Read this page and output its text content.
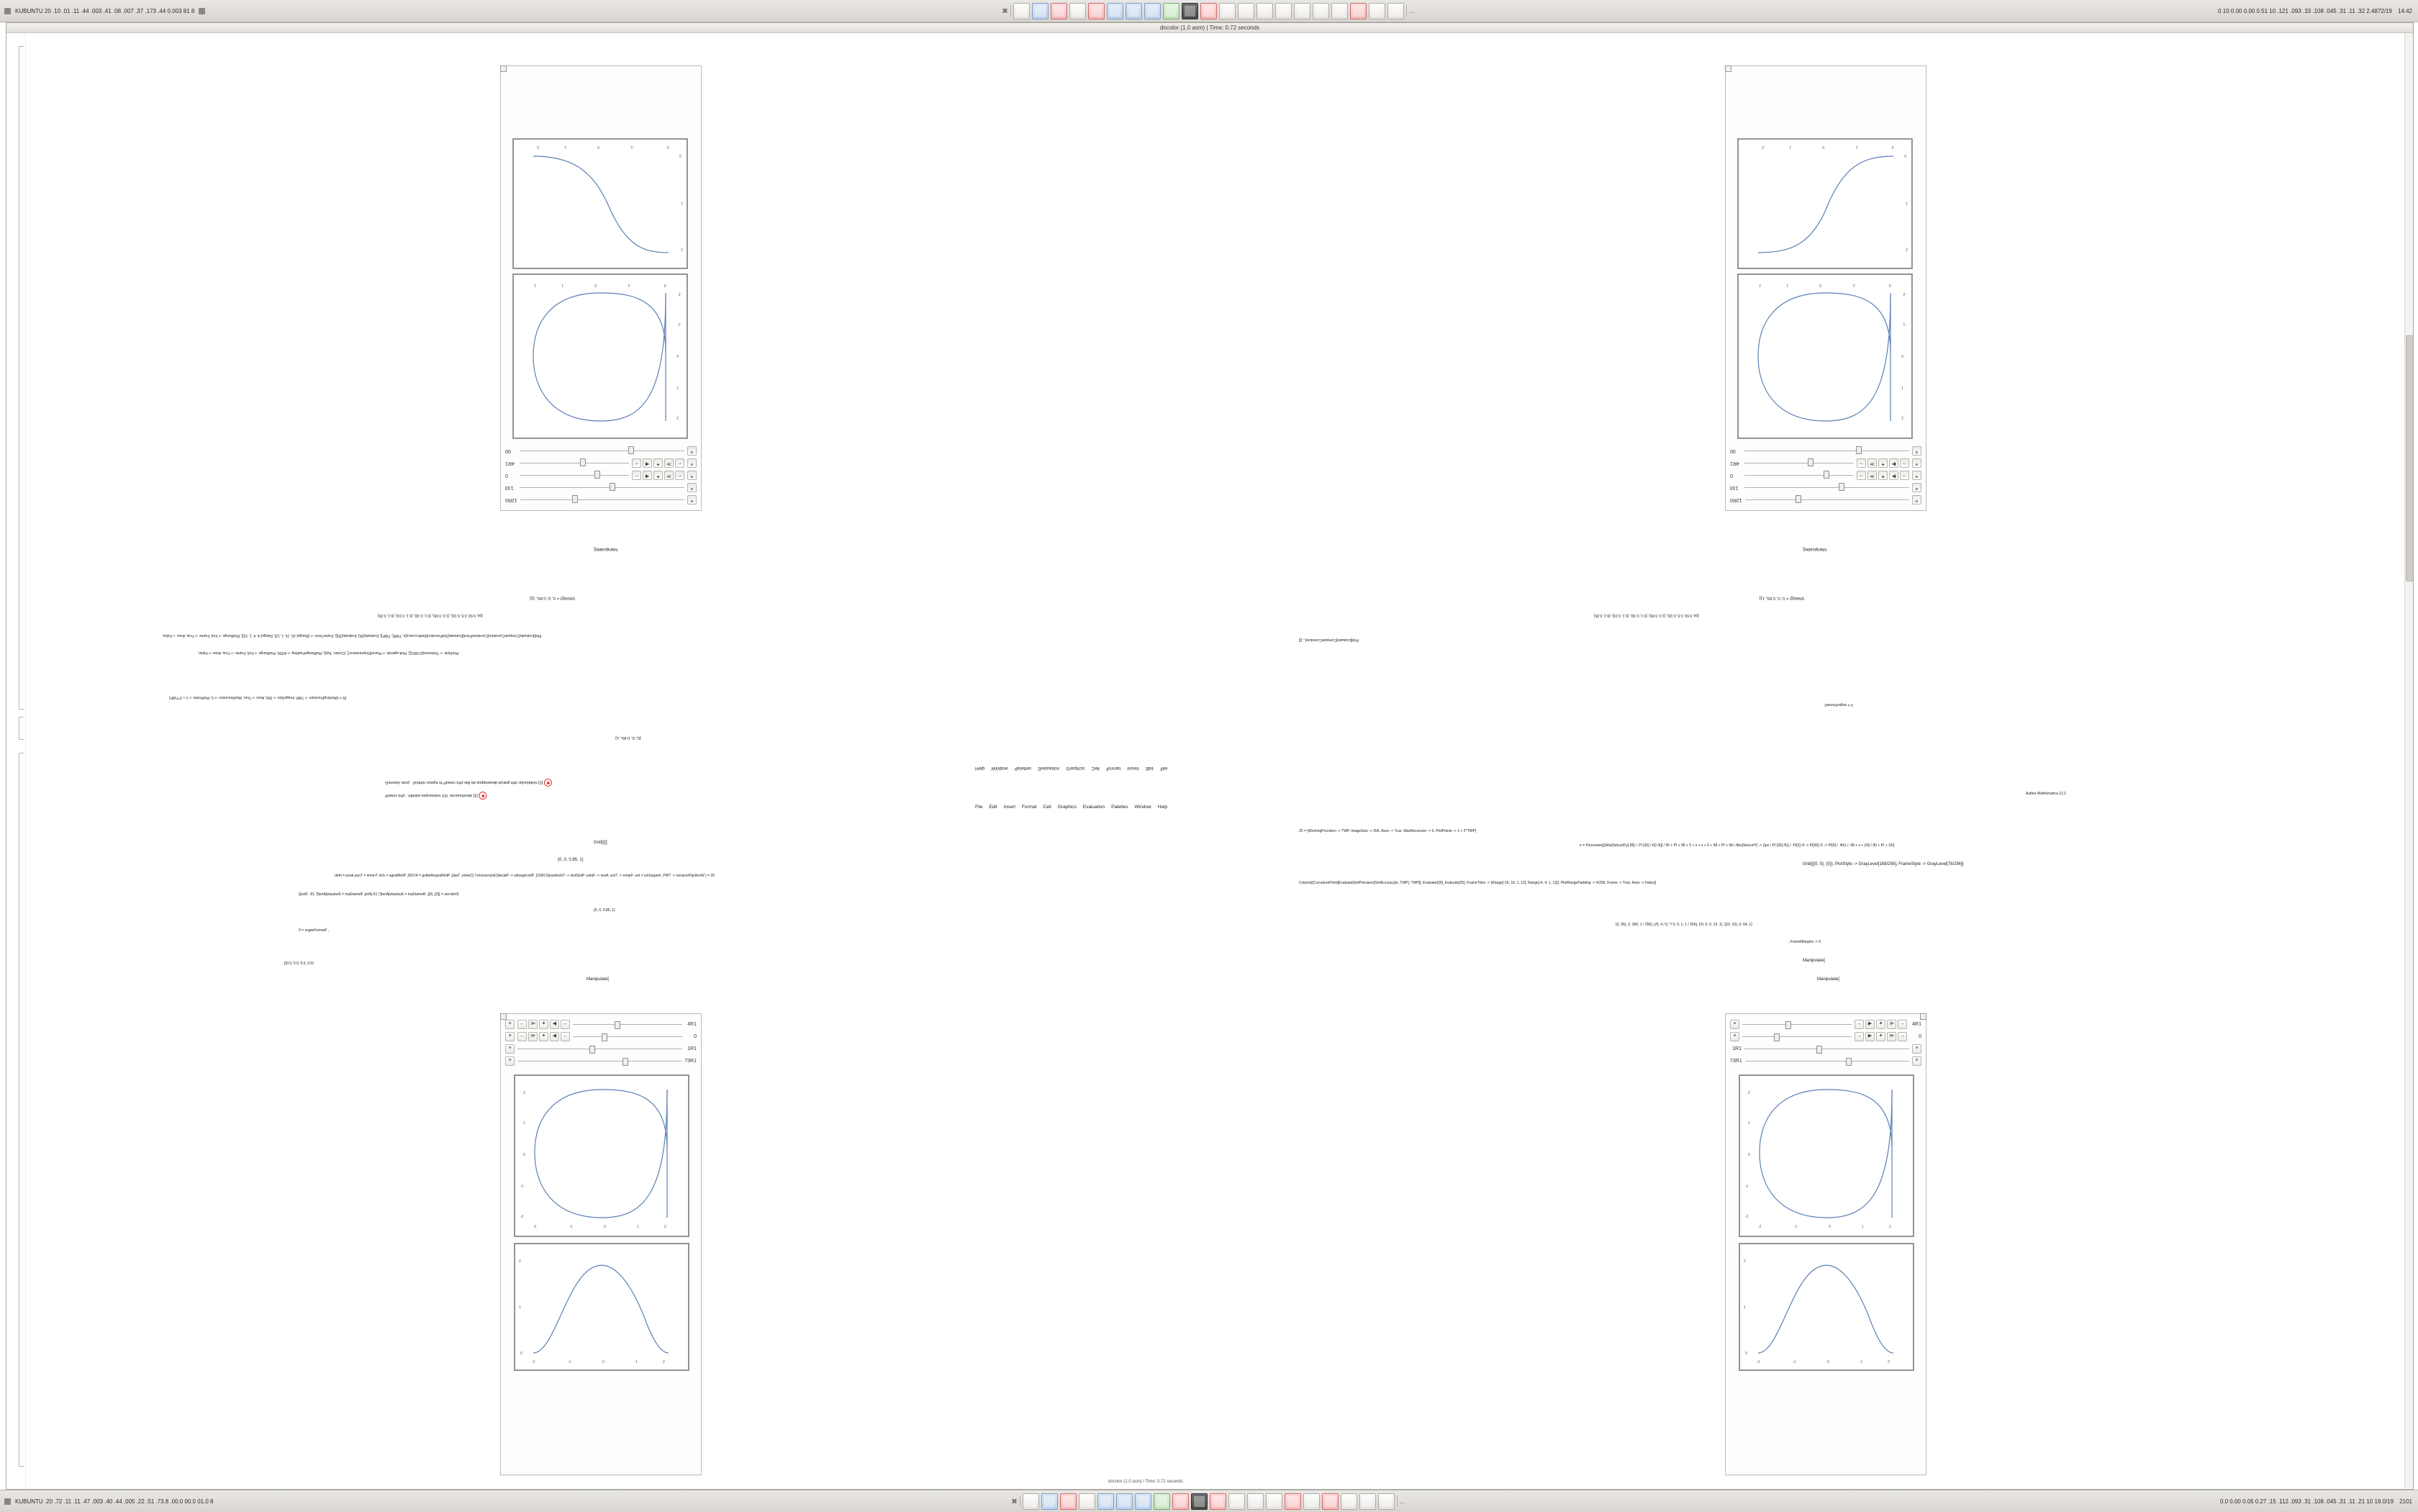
KUBUNTU 20 .10 .01 .11 .44 .003 .41 .08 .007 .37 .173 .44 0.003 81 8	⌘	…	0 10 0.00 0.00 0.51 10 .121 .093 .33 .108 .045 .31 .11 .32 2.4872/19 14:42
dncolor (1.0 asm) | Time: 0.72 seconds
≡
12R0
≡
133
≡
←
≫
✦
◀
←
0
≡
←
≫
✦
◀
←
4R1
≡
00
-2
-1
0
1
2
-2
-1
0
1
2
-2
-1
0
1
2
0
1
2
≡
12R0
≡
133
≡
→
▶
✦
≫
→
0
≡
→
▶
✦
≫
→
4R1
≡
00
-2
-1
0
1
2
-2
-1
0
1
2
-2
-1
0
1
2
0
1
2
≡	←	≫	✦	◀	←	4R1
≡	←	≫	✦	◀	←	0
≡	1R1
≡	73R1
-2	-1	0	1	2
-2
-1
0
1
2
-2	-1	0	1	2
0
1
2
≡	→	▶	✦	≫	→	4R1
≡	→	▶	✦	≫	→	0
1R1	≡
73R1	≡
-2	-1	0	1	2
-2
-1
0
1
2
-2	-1	0	1	2
0
1
2
Manipulate[{
Show[{t = 0, 0, 0.85, 1}],
{ps, 0.50, 0.5, 0.16}, {1.0, 0.95}, {0.1, 0.16}, {0.1, 0.16}, {0.1, 0.25}
Plot[Evaluate[ComputeCurvature[CurvaturePoint[Evaluate[SetPrecision[SetAccuracy[e, TWP], TWP]], Evaluate[30], Evaluate[25]], FrameTicks -> {Range[-16, 16, 1, 12], Range[-4, 4, 1, 12]}, PlotRange -> Full, Frame -> True, Axes -> False,
PlotStyle -> Thickness[0.0001]], PlotLegends -> Placed['Expressions'], {Center, Top}], PlotRangePadding -> 4/256, PlotRange -> Full, Frame -> True, Axes -> False,
25 = {WorkingPrecision -> TWP, ImageSize -> 256, Axes -> True, MaxRecursion -> 0, PlotPoints -> 1 + 2^TWP}
{0, 0, 0.85, 1}
Manipulate[{
Show[{t = 0, 0, 0.85, 1}]
{ps, 0.50, 0.5, 0.16}, {1.0, 0.95}, {0.1, 0.16}, {0.1, 0.16}, {0.1, 0.25}
Plot[Evaluate[ComputeCurvature[...]]]
0 = sngierFemarF
eliF
tidE
tresnI
tamroF
lleC
scihparG
noitaulavE
settelaP
wodniW
qleH
[1] noitaluclac siht gnirud desserppus eb lliw yfni::rewoP fo tuptuo rehtruF : pots::lareneG
[1] deretnuocne .0/1 noisserpxe etinifnI : yfni::rewoP	Auther Mathematica 12.2
File Edit Insert Format Cell Graphics Evaluation Palettes Window Help
Grid[{{{
{0, 0, 0.85, 1}
defn = peak.aunT = smenT /oiS = agnaRtolP ,00214 = gnitteRegnaRtolP ,[laaT ,retneC] /'snoisserpxE'[decalP -> sdnegeLtolP ,[1000.0]ssenkcihT -> elytStolP ,eslaF -> sexA ,eurT -> emarF ,esl = eziSegamI ,PWT -> noisicerPgnikroW } = 25
{[esl0 : 81.7]tenA[etaulavE = myEtameR ,[etA]-61.7]tenA[etaulavE = myEtameR ,{[0] ,[0]} = zercibniS
{0, 0, 0.85, 1}
0 = sngierFemarF ,
[{0.0, 0.0, 0.0, 0.0}
Manipulate[
25 = {WorkingPrecision -> TWP, ImageSize -> 256, Axes -> True, MaxRecursion -> 0, PlotPoints -> 1 + 2^TWP}
e = Piecewise[{{Abs[SetcurlFy[.98] /. PI [30] / 6}} /6]] / 95 + PI + 98 + 5 + x + x + 6 + 98 + PI + 98 /.Abs[SetcurlY] -> {{px / PI [30] /6}} /. PI[3] /4 -> PI[30] /1 -> PI[0] /. 4R1 /. 98 + x + {/0} /.90 + PI + 1/0}
Grid[{{0, 0}, {0}}, PlotStyle -> GrayLevel[168/256], FrameStyle -> GrayLevel[78/256]}
Column[{CurvaturePoint[Evaluate[SetPrecision[SetAccuracy[e, TWP], TWP]], Evaluate[30], Evaluate[25], FrameTicks -> {Range[-16, 16, 1, 12], Range[-4, 4, 1, 12]}, PlotRangePadding -> 4/256, Frame -> True, Axes -> False}]
{0, 95}, 0, 360, 1 / 256}, {/0, 4 / 0, */ 0, 0, 1, 1 / 256}, {/0, 0, 0, 16, 1}, {{/0, 16}, 0, 64, 1}
, FrameMargins -> 0
Manipulate[
Manipulate[
KUBUNTU .20 .72 .11 .11 .47 .003 .40 .44 .005 .22 .51 .73.8 .00.0 00.0 01.0 8	⌘	…	0.0 0.00 0.05 0.27 .15 .112 .093 .31 .108 .045 .31 .11 .21 10 19.0/19 2101
dncolor (1.0 asm) / Time: 0.72 seconds
